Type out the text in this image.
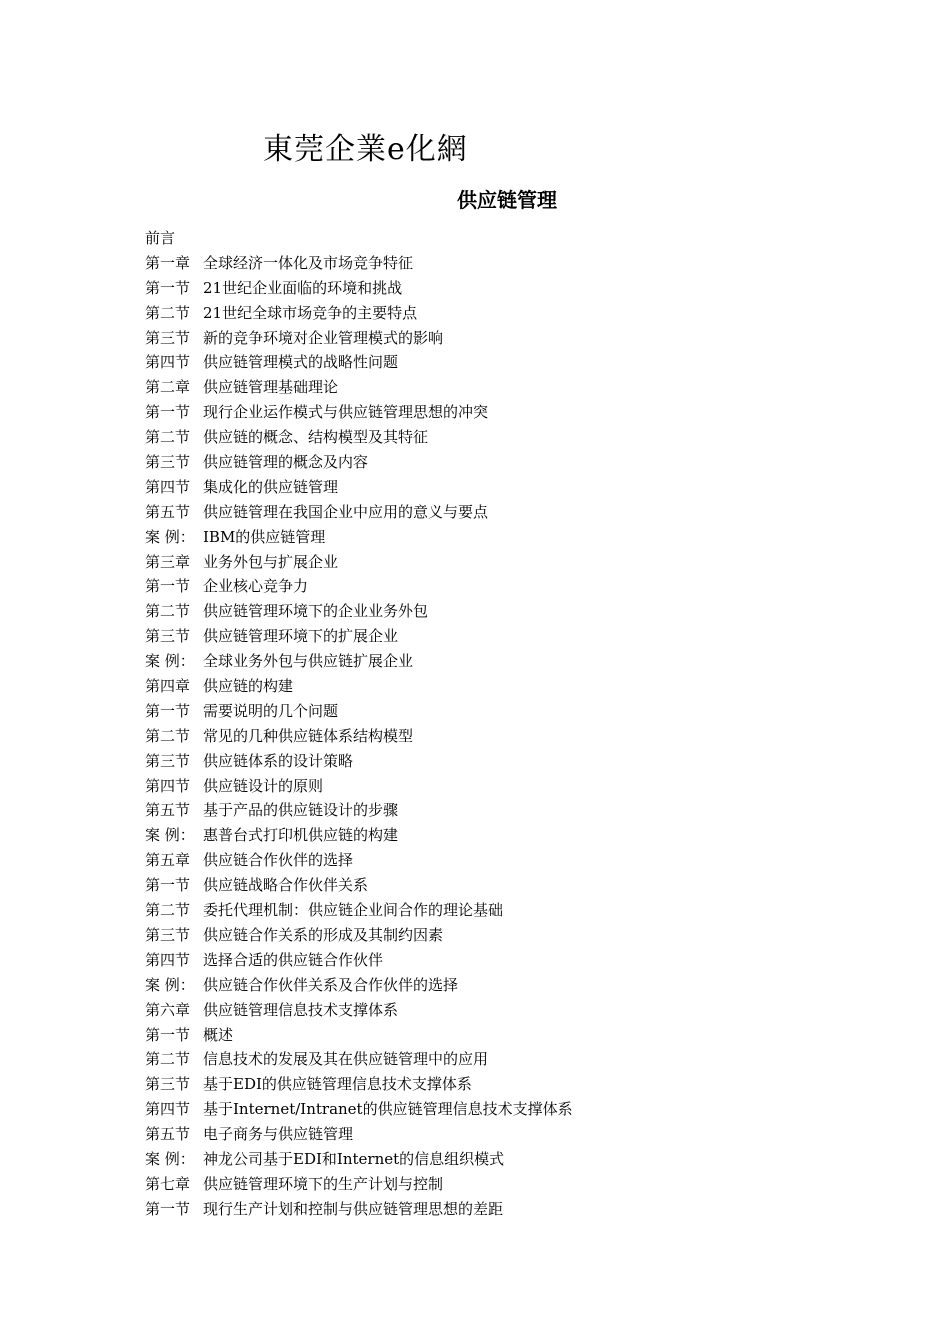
東莞企業e化網
供应链管理
前言
第一章 全球经济一体化及市场竞争特征
第一节 21世纪企业面临的环境和挑战
第二节 21世纪全球市场竞争的主要特点
第三节 新的竞争环境对企业管理模式的影响
第四节 供应链管理模式的战略性问题
第二章 供应链管理基础理论
第一节 现行企业运作模式与供应链管理思想的冲突
第二节 供应链的概念、结构模型及其特征
第三节 供应链管理的概念及内容
第四节 集成化的供应链管理
第五节 供应链管理在我国企业中应用的意义与要点
案 例： IBM的供应链管理
第三章 业务外包与扩展企业
第一节 企业核心竞争力
第二节 供应链管理环境下的企业业务外包
第三节 供应链管理环境下的扩展企业
案 例： 全球业务外包与供应链扩展企业
第四章 供应链的构建
第一节 需要说明的几个问题
第二节 常见的几种供应链体系结构模型
第三节 供应链体系的设计策略
第四节 供应链设计的原则
第五节 基于产品的供应链设计的步骤
案 例： 惠普台式打印机供应链的构建
第五章 供应链合作伙伴的选择
第一节 供应链战略合作伙伴关系
第二节 委托代理机制：供应链企业间合作的理论基础
第三节 供应链合作关系的形成及其制约因素
第四节 选择合适的供应链合作伙伴
案 例： 供应链合作伙伴关系及合作伙伴的选择
第六章 供应链管理信息技术支撑体系
第一节 概述
第二节 信息技术的发展及其在供应链管理中的应用
第三节 基于EDI的供应链管理信息技术支撑体系
第四节 基于Internet/Intranet的供应链管理信息技术支撑体系
第五节 电子商务与供应链管理
案 例： 神龙公司基于EDI和Internet的信息组织模式
第七章 供应链管理环境下的生产计划与控制
第一节 现行生产计划和控制与供应链管理思想的差距
